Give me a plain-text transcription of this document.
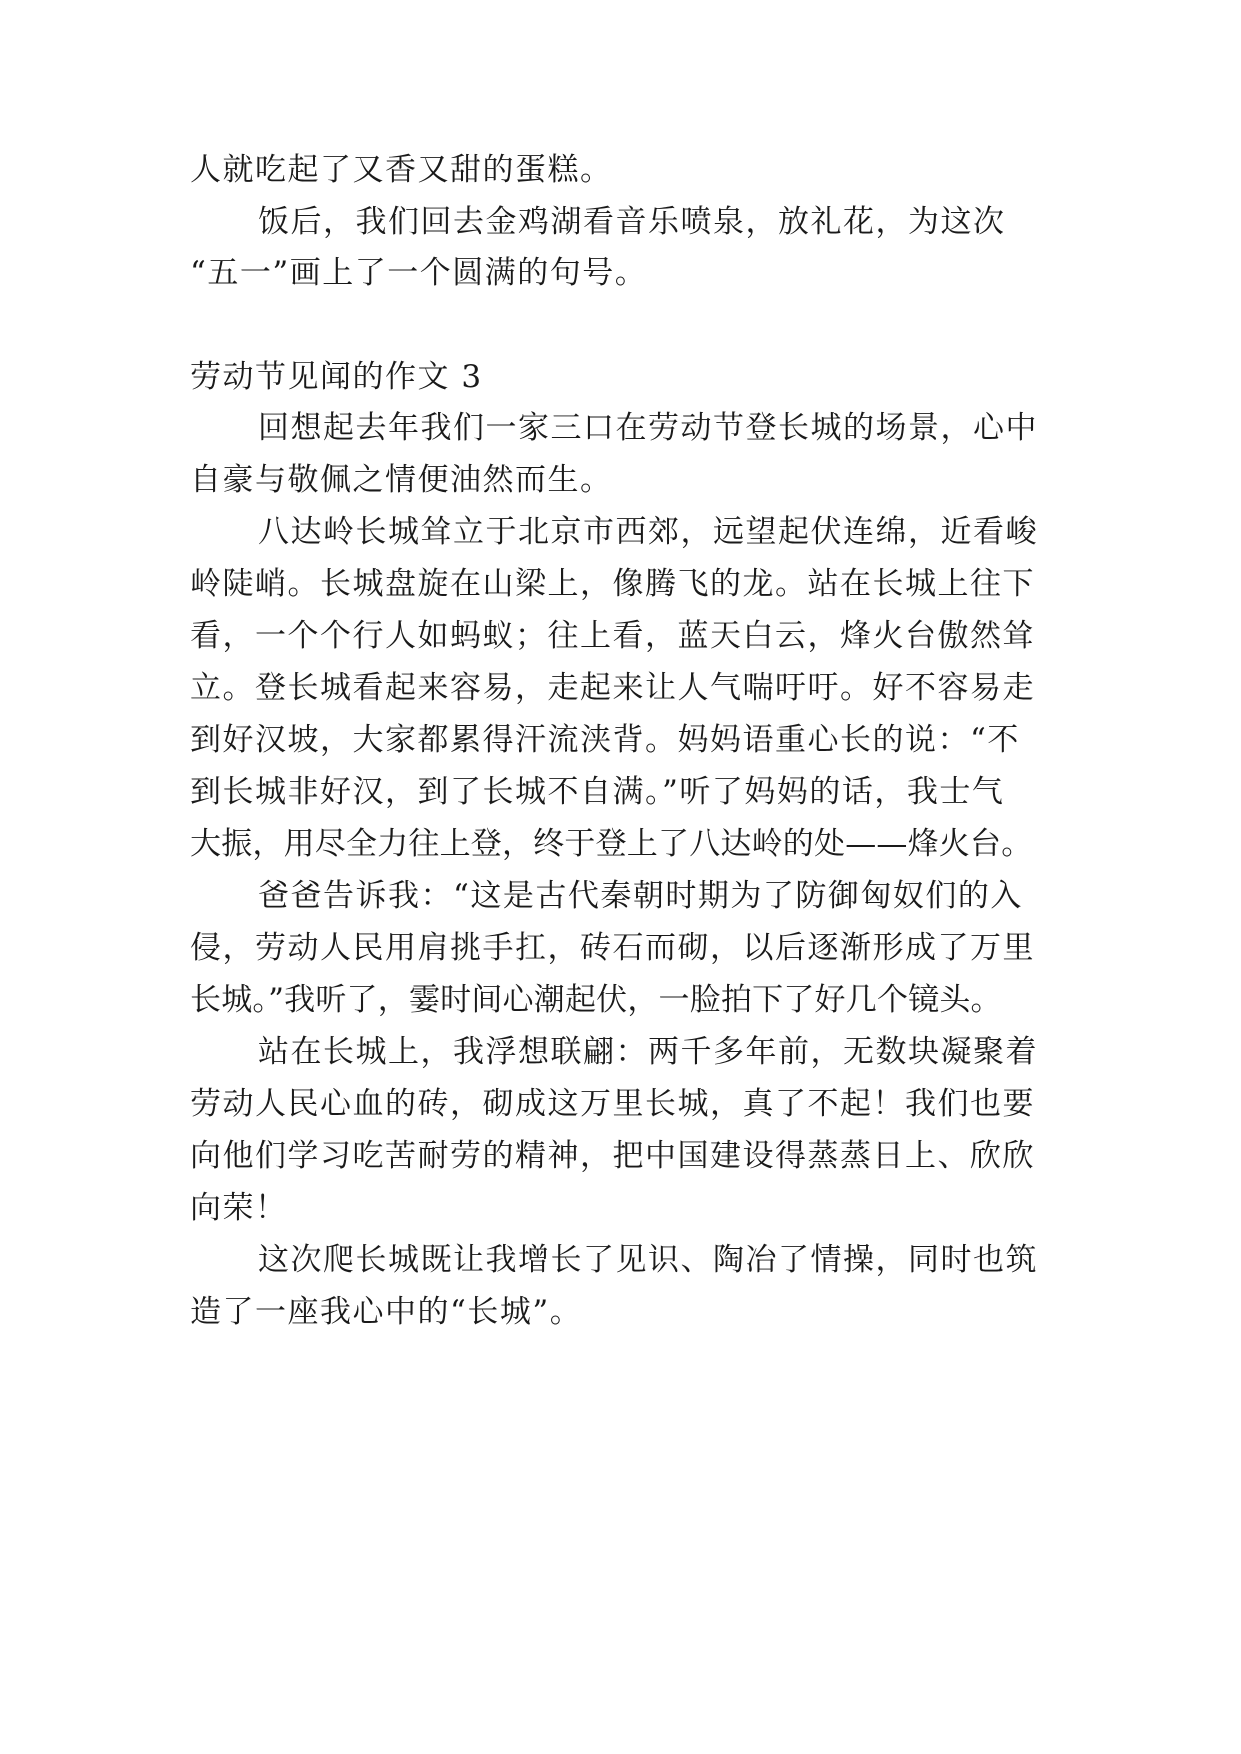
人就吃起了又香又甜的蛋糕。
饭后，我们回去金鸡湖看音乐喷泉，放礼花，为这次
“五一”画上了一个圆满的句号。
劳动节见闻的作文 3
回想起去年我们一家三口在劳动节登长城的场景，心中
自豪与敬佩之情便油然而生。
八达岭长城耸立于北京市西郊，远望起伏连绵，近看峻
岭陡峭。长城盘旋在山梁上，像腾飞的龙。站在长城上往下
看，一个个行人如蚂蚁；往上看，蓝天白云，烽火台傲然耸
立。登长城看起来容易，走起来让人气喘吁吁。好不容易走
到好汉坡，大家都累得汗流浃背。妈妈语重心长的说：“不
到长城非好汉，到了长城不自满。”听了妈妈的话，我士气
大振，用尽全力往上登，终于登上了八达岭的处——烽火台。
爸爸告诉我：“这是古代秦朝时期为了防御匈奴们的入
侵，劳动人民用肩挑手扛，砖石而砌，以后逐渐形成了万里
长城。”我听了，霎时间心潮起伏，一脸拍下了好几个镜头。
站在长城上，我浮想联翩：两千多年前，无数块凝聚着
劳动人民心血的砖，砌成这万里长城，真了不起！我们也要
向他们学习吃苦耐劳的精神，把中国建设得蒸蒸日上、欣欣
向荣！
这次爬长城既让我增长了见识、陶冶了情操，同时也筑
造了一座我心中的“长城”。
